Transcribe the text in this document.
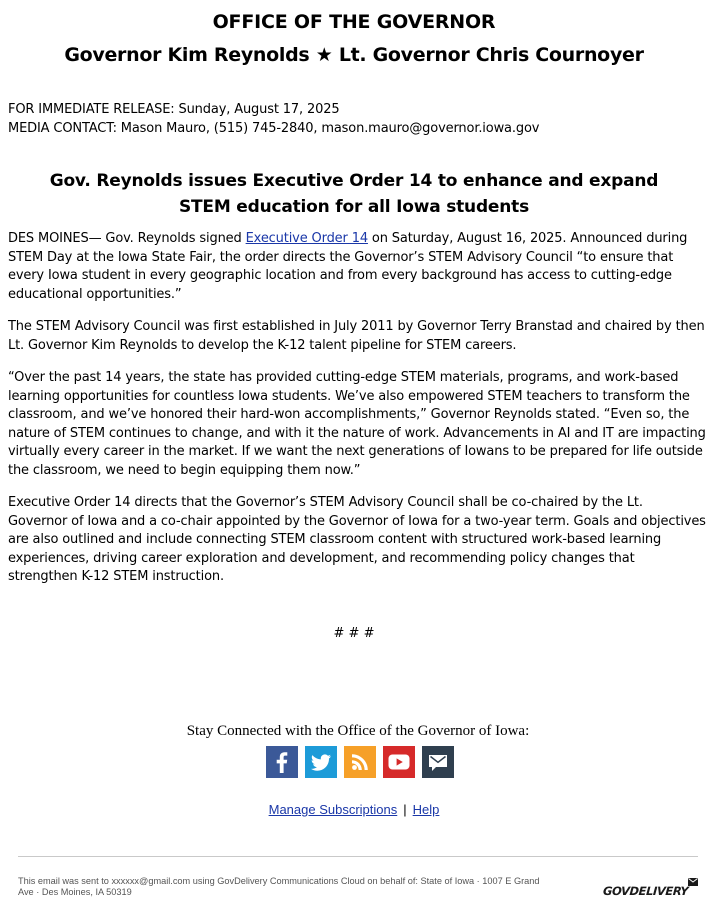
OFFICE OF THE GOVERNOR
Governor Kim Reynolds ★ Lt. Governor Chris Cournoyer
FOR IMMEDIATE RELEASE: Sunday, August 17, 2025
MEDIA CONTACT: Mason Mauro, (515) 745-2840, mason.mauro@governor.iowa.gov
Gov. Reynolds issues Executive Order 14 to enhance and expand STEM education for all Iowa students

DES MOINES— Gov. Reynolds signed Executive Order 14 on Saturday, August 16, 2025. Announced during STEM Day at the Iowa State Fair, the order directs the Governor’s STEM Advisory Council “to ensure that every Iowa student in every geographic location and from every background has access to cutting-edge educational opportunities.”

The STEM Advisory Council was first established in July 2011 by Governor Terry Branstad and chaired by then Lt. Governor Kim Reynolds to develop the K-12 talent pipeline for STEM careers.

“Over the past 14 years, the state has provided cutting-edge STEM materials, programs, and work-based learning opportunities for countless Iowa students. We’ve also empowered STEM teachers to transform the classroom, and we’ve honored their hard-won accomplishments,” Governor Reynolds stated. “Even so, the nature of STEM continues to change, and with it the nature of work. Advancements in AI and IT are impacting virtually every career in the market. If we want the next generations of Iowans to be prepared for life outside the classroom, we need to begin equipping them now.”

Executive Order 14 directs that the Governor’s STEM Advisory Council shall be co-chaired by the Lt. Governor of Iowa and a co-chair appointed by the Governor of Iowa for a two-year term. Goals and objectives are also outlined and include connecting STEM classroom content with structured work-based learning experiences, driving career exploration and development, and recommending policy changes that strengthen K-12 STEM instruction.

# # #
Stay Connected with the Office of the Governor of Iowa:
Manage Subscriptions | Help
This email was sent to xxxxxx@gmail.com using GovDelivery Communications Cloud on behalf of: State of Iowa · 1007 E Grand
Ave · Des Moines, IA 50319	GOVDELIVERY
